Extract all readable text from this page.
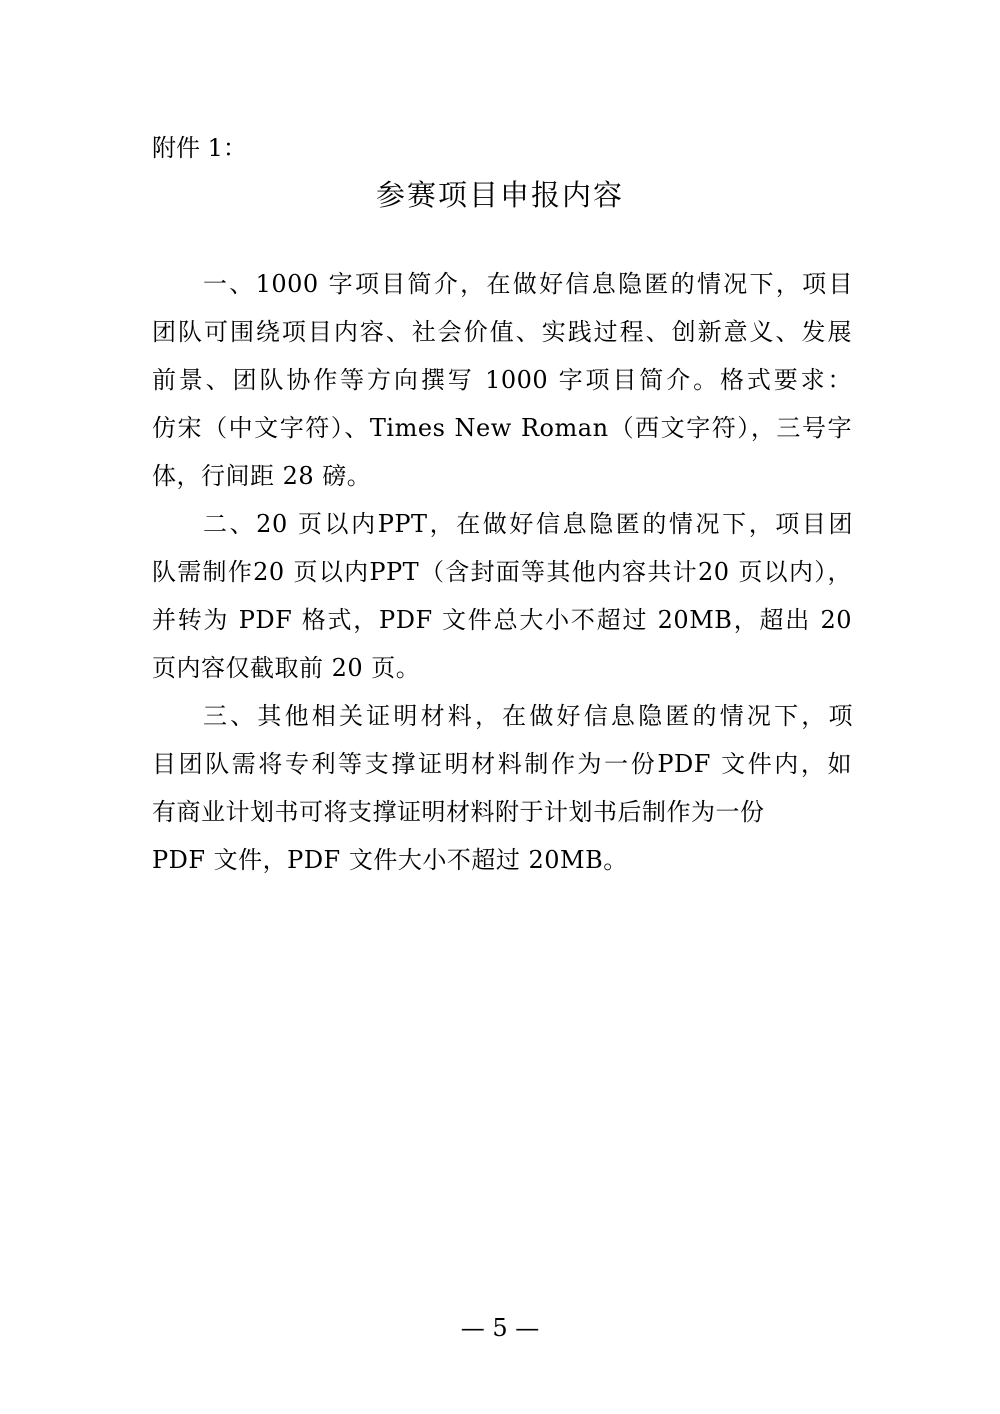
附件 1：
参赛项目申报内容
一、1000 字项目简介，在做好信息隐匿的情况下，项目
团队可围绕项目内容、社会价值、实践过程、创新意义、发展
前景、团队协作等方向撰写 1000 字项目简介。格式要求：
仿宋（中文字符）、Times New Roman（西文字符），三号字
体，行间距 28 磅。
二、20 页以内PPT，在做好信息隐匿的情况下，项目团
队需制作20 页以内PPT（含封面等其他内容共计20 页以内），
并转为 PDF 格式，PDF 文件总大小不超过 20MB，超出 20
页内容仅截取前 20 页。
三、其他相关证明材料，在做好信息隐匿的情况下，项
目团队需将专利等支撑证明材料制作为一份PDF 文件内，如
有商业计划书可将支撑证明材料附于计划书后制作为一份
PDF 文件，PDF 文件大小不超过 20MB。
— 5 —
